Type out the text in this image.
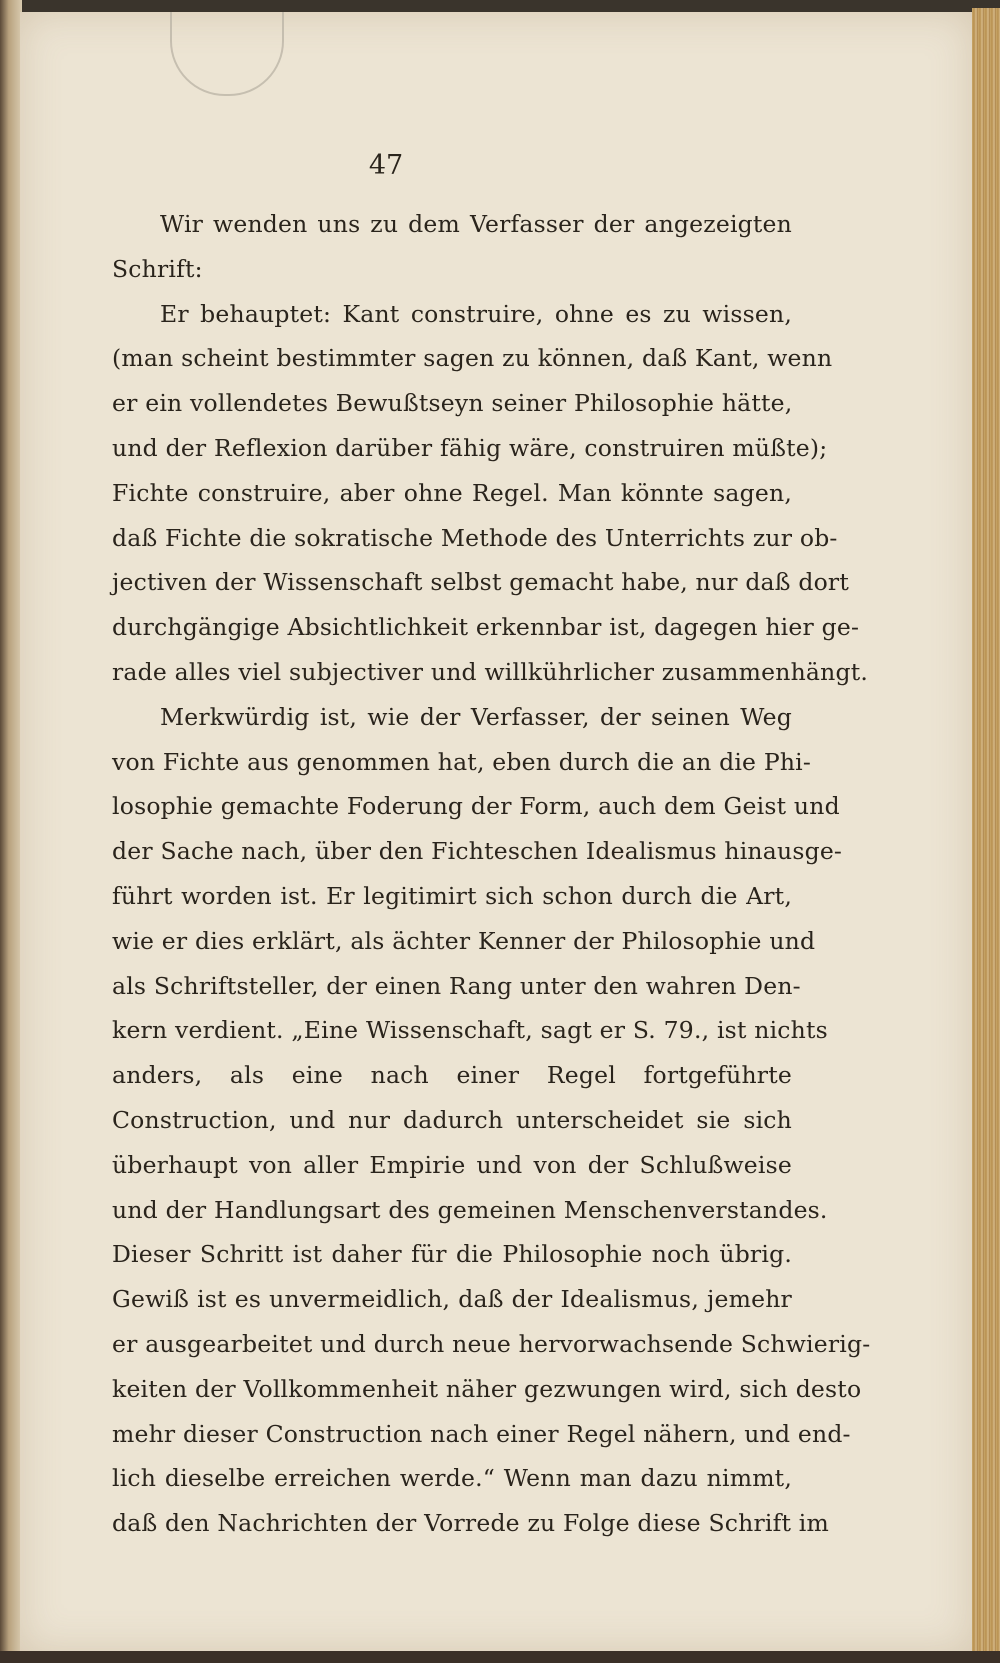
47
Wir wenden uns zu dem Verfasser der angezeigten
Schrift:
Er behauptet: Kant construire, ohne es zu wissen,
(man scheint bestimmter sagen zu können, daß Kant, wenn
er ein vollendetes Bewußtseyn seiner Philosophie hätte,
und der Reflexion darüber fähig wäre, construiren müßte);
Fichte construire, aber ohne Regel. Man könnte sagen,
daß Fichte die sokratische Methode des Unterrichts zur ob-
jectiven der Wissenschaft selbst gemacht habe, nur daß dort
durchgängige Absichtlichkeit erkennbar ist, dagegen hier ge-
rade alles viel subjectiver und willkührlicher zusammenhängt.
Merkwürdig ist, wie der Verfasser, der seinen Weg
von Fichte aus genommen hat, eben durch die an die Phi-
losophie gemachte Foderung der Form, auch dem Geist und
der Sache nach, über den Fichteschen Idealismus hinausge-
führt worden ist. Er legitimirt sich schon durch die Art,
wie er dies erklärt, als ächter Kenner der Philosophie und
als Schriftsteller, der einen Rang unter den wahren Den-
kern verdient. „Eine Wissenschaft, sagt er S. 79., ist nichts
anders, als eine nach einer Regel fortgeführte
Construction, und nur dadurch unterscheidet sie sich
überhaupt von aller Empirie und von der Schlußweise
und der Handlungsart des gemeinen Menschenverstandes.
Dieser Schritt ist daher für die Philosophie noch übrig.
Gewiß ist es unvermeidlich, daß der Idealismus, jemehr
er ausgearbeitet und durch neue hervorwachsende Schwierig-
keiten der Vollkommenheit näher gezwungen wird, sich desto
mehr dieser Construction nach einer Regel nähern, und end-
lich dieselbe erreichen werde.“ Wenn man dazu nimmt,
daß den Nachrichten der Vorrede zu Folge diese Schrift im
